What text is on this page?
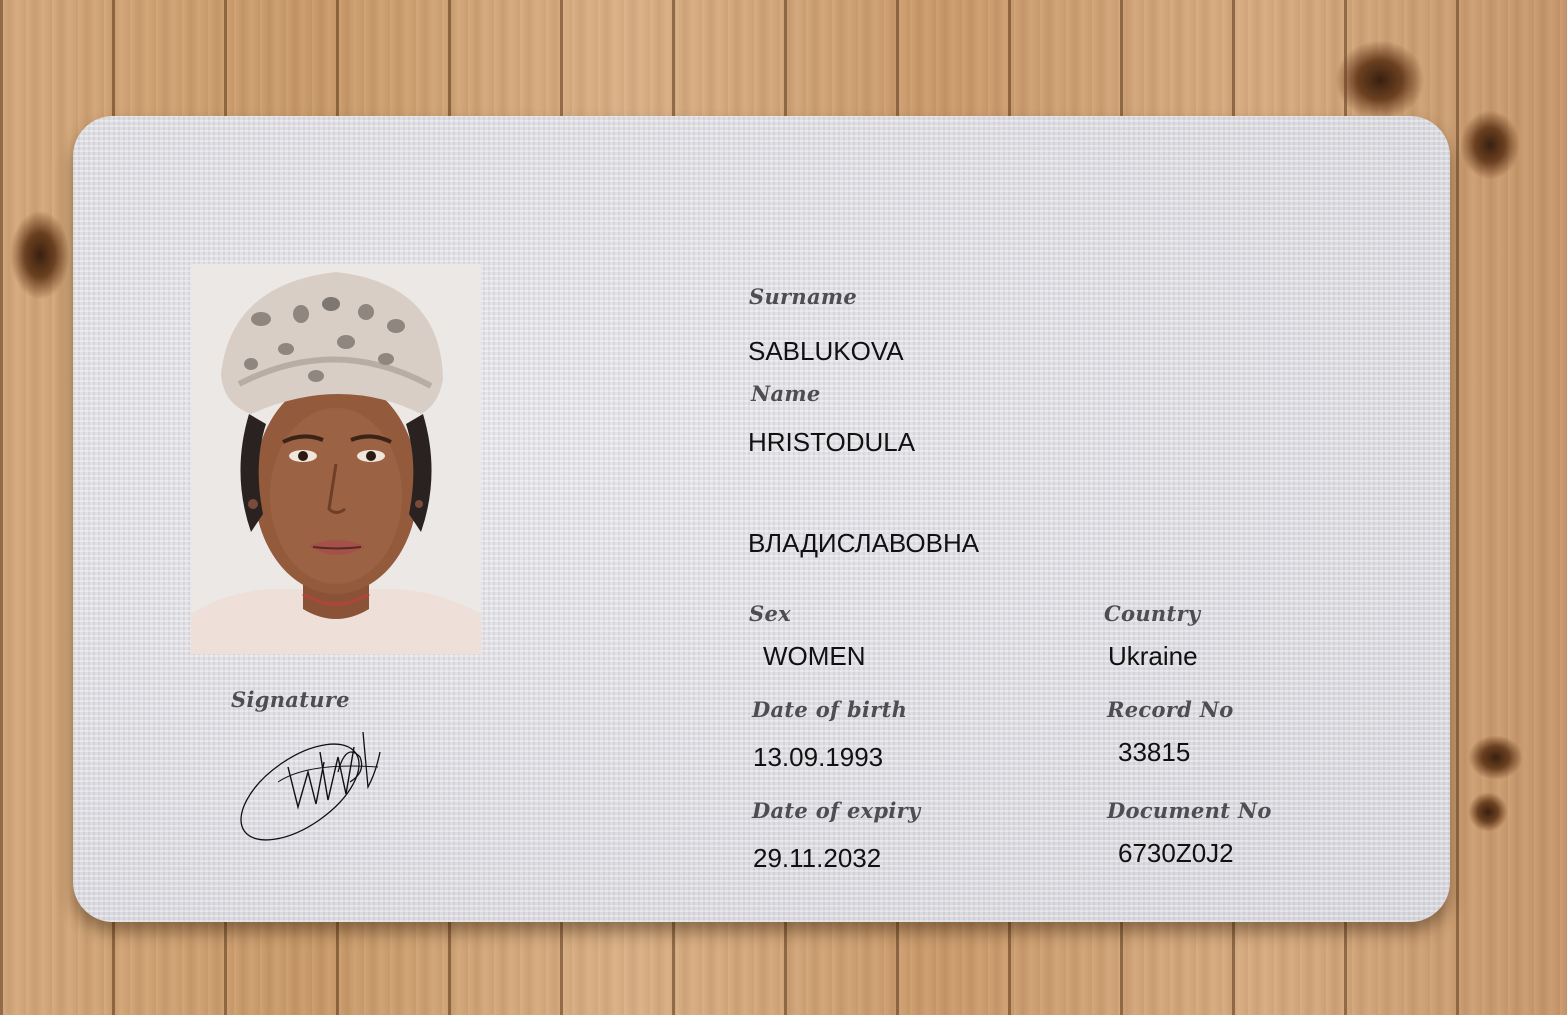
Surname
SABLUKOVA
Name
HRISTODULA
ВЛАДИСЛАВОВНА
Sex
WOMEN
Country
Ukraine
Date of birth
13.09.1993
Record No
33815
Date of expiry
29.11.2032
Document No
6730Z0J2
Signature
